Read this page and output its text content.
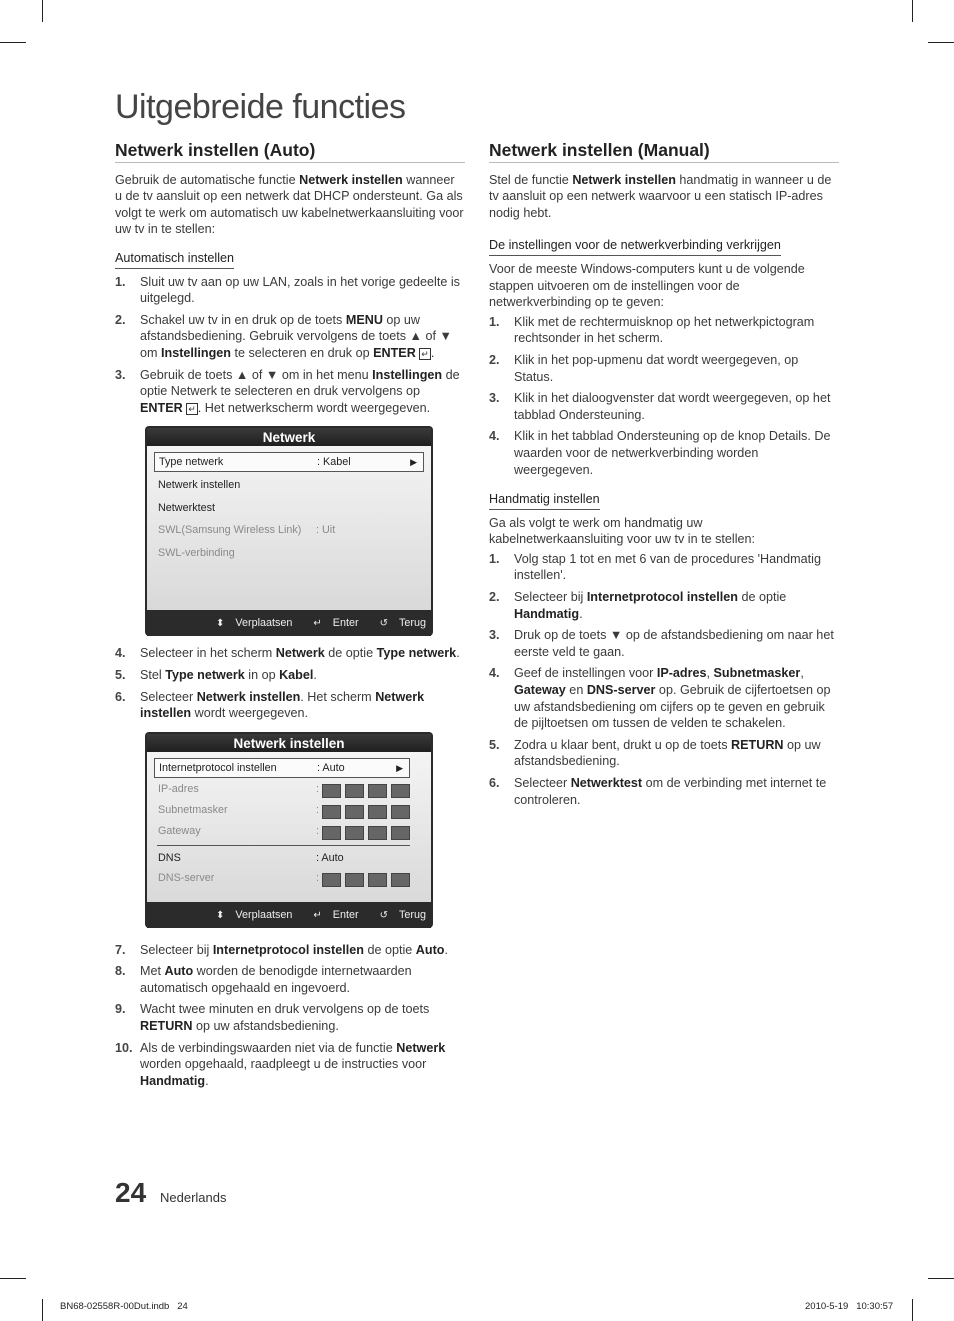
Uitgebreide functies
Netwerk instellen (Auto)

Gebruik de automatische functie Netwerk instellen wanneer u de tv aansluit op een netwerk dat DHCP ondersteunt. Ga als volgt te werk om automatisch uw kabelnetwerkaansluiting voor uw tv in te stellen:

Automatisch instellen
1. Sluit uw tv aan op uw LAN, zoals in het vorige gedeelte is uitgelegd.
2. Schakel uw tv in en druk op de toets MENU op uw afstandsbediening. Gebruik vervolgens de toets ▲ of ▼ om Instellingen te selecteren en druk op ENTER ↵ .
3. Gebruik de toets ▲ of ▼ om in het menu Instellingen de optie Netwerk te selecteren en druk vervolgens op ENTER ↵ . Het netwerkscherm wordt weergegeven.
Netwerk
Type netwerk	: Kabel	▶
Netwerk instellen
Netwerktest
SWL(Samsung Wireless Link) : Uit
SWL-verbinding
⬍ Verplaatsen ↵ Enter ↺ Terug
4. Selecteer in het scherm Netwerk de optie Type netwerk.
5. Stel Type netwerk in op Kabel.
6. Selecteer Netwerk instellen. Het scherm Netwerk instellen wordt weergegeven.
Netwerk instellen
Internetprotocol instellen	: Auto	▶
IP-adres	:
Subnetmasker	:
Gateway	:
DNS	: Auto
DNS-server	:
⬍ Verplaatsen ↵ Enter ↺ Terug
7. Selecteer bij Internetprotocol instellen de optie Auto.
8. Met Auto worden de benodigde internetwaarden automatisch opgehaald en ingevoerd.
9. Wacht twee minuten en druk vervolgens op de toets RETURN op uw afstandsbediening.
10. Als de verbindingswaarden niet via de functie Netwerk worden opgehaald, raadpleegt u de instructies voor Handmatig.
Netwerk instellen (Manual)

Stel de functie Netwerk instellen handmatig in wanneer u de tv aansluit op een netwerk waarvoor u een statisch IP-adres nodig hebt.

De instellingen voor de netwerkverbinding verkrijgen

Voor de meeste Windows-computers kunt u de volgende stappen uitvoeren om de instellingen voor de netwerkverbinding op te geven:

1. Klik met de rechtermuisknop op het netwerkpictogram rechtsonder in het scherm.
2. Klik in het pop-upmenu dat wordt weergegeven, op Status.
3. Klik in het dialoogvenster dat wordt weergegeven, op het tabblad Ondersteuning.
4. Klik in het tabblad Ondersteuning op de knop Details. De waarden voor de netwerkverbinding worden weergegeven.
Handmatig instellen

Ga als volgt te werk om handmatig uw kabelnetwerkaansluiting voor uw tv in te stellen:

1. Volg stap 1 tot en met 6 van de procedures 'Handmatig instellen'.
2. Selecteer bij Internetprotocol instellen de optie Handmatig.
3. Druk op de toets ▼ op de afstandsbediening om naar het eerste veld te gaan.
4. Geef de instellingen voor IP-adres, Subnetmasker, Gateway en DNS-server op. Gebruik de cijfertoetsen op uw afstandsbediening om cijfers op te geven en gebruik de pijltoetsen om tussen de velden te schakelen.
5. Zodra u klaar bent, drukt u op de toets RETURN op uw afstandsbediening.
6. Selecteer Netwerktest om de verbinding met internet te controleren.
24 Nederlands
BN68-02558R-00Dut.indb   24	2010-5-19   10:30:57
